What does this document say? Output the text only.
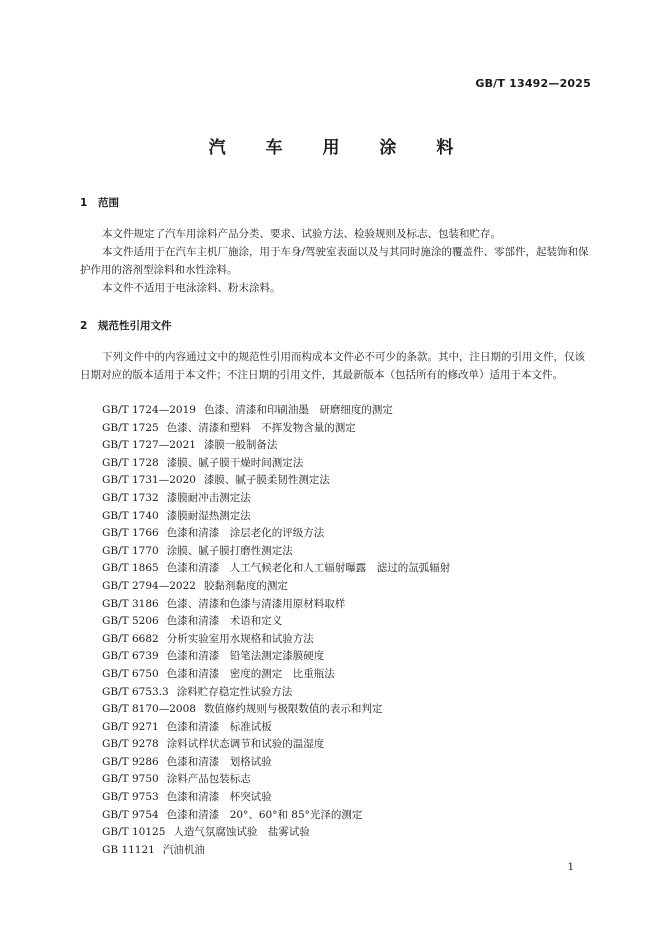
GB/T 13492—2025
汽 车 用 涂 料
1 范围

本文件规定了汽车用涂料产品分类、要求、试验方法、检验规则及标志、包装和贮存。

本文件适用于在汽车主机厂施涂，用于车身/驾驶室表面以及与其同时施涂的覆盖件、零部件，起装饰和保护作用的溶剂型涂料和水性涂料。

本文件不适用于电泳涂料、粉末涂料。

2 规范性引用文件

下列文件中的内容通过文中的规范性引用而构成本文件必不可少的条款。其中，注日期的引用文件，仅该日期对应的版本适用于本文件；不注日期的引用文件，其最新版本（包括所有的修改单）适用于本文件。

GB/T 1724—2019 色漆、清漆和印刷油墨　研磨细度的测定
GB/T 1725 色漆、清漆和塑料　不挥发物含量的测定
GB/T 1727—2021 漆膜一般制备法
GB/T 1728 漆膜、腻子膜干燥时间测定法
GB/T 1731—2020 漆膜、腻子膜柔韧性测定法
GB/T 1732 漆膜耐冲击测定法
GB/T 1740 漆膜耐湿热测定法
GB/T 1766 色漆和清漆　涂层老化的评级方法
GB/T 1770 涂膜、腻子膜打磨性测定法
GB/T 1865 色漆和清漆　人工气候老化和人工辐射曝露　滤过的氙弧辐射
GB/T 2794—2022 胶黏剂黏度的测定
GB/T 3186 色漆、清漆和色漆与清漆用原材料取样
GB/T 5206 色漆和清漆　术语和定义
GB/T 6682 分析实验室用水规格和试验方法
GB/T 6739 色漆和清漆　铅笔法测定漆膜硬度
GB/T 6750 色漆和清漆　密度的测定　比重瓶法
GB/T 6753.3 涂料贮存稳定性试验方法
GB/T 8170—2008 数值修约规则与极限数值的表示和判定
GB/T 9271 色漆和清漆　标准试板
GB/T 9278 涂料试样状态调节和试验的温湿度
GB/T 9286 色漆和清漆　划格试验
GB/T 9750 涂料产品包装标志
GB/T 9753 色漆和清漆　杯突试验
GB/T 9754 色漆和清漆　20°、60°和 85°光泽的测定
GB/T 10125 人造气氛腐蚀试验　盐雾试验
GB 11121 汽油机油
1
